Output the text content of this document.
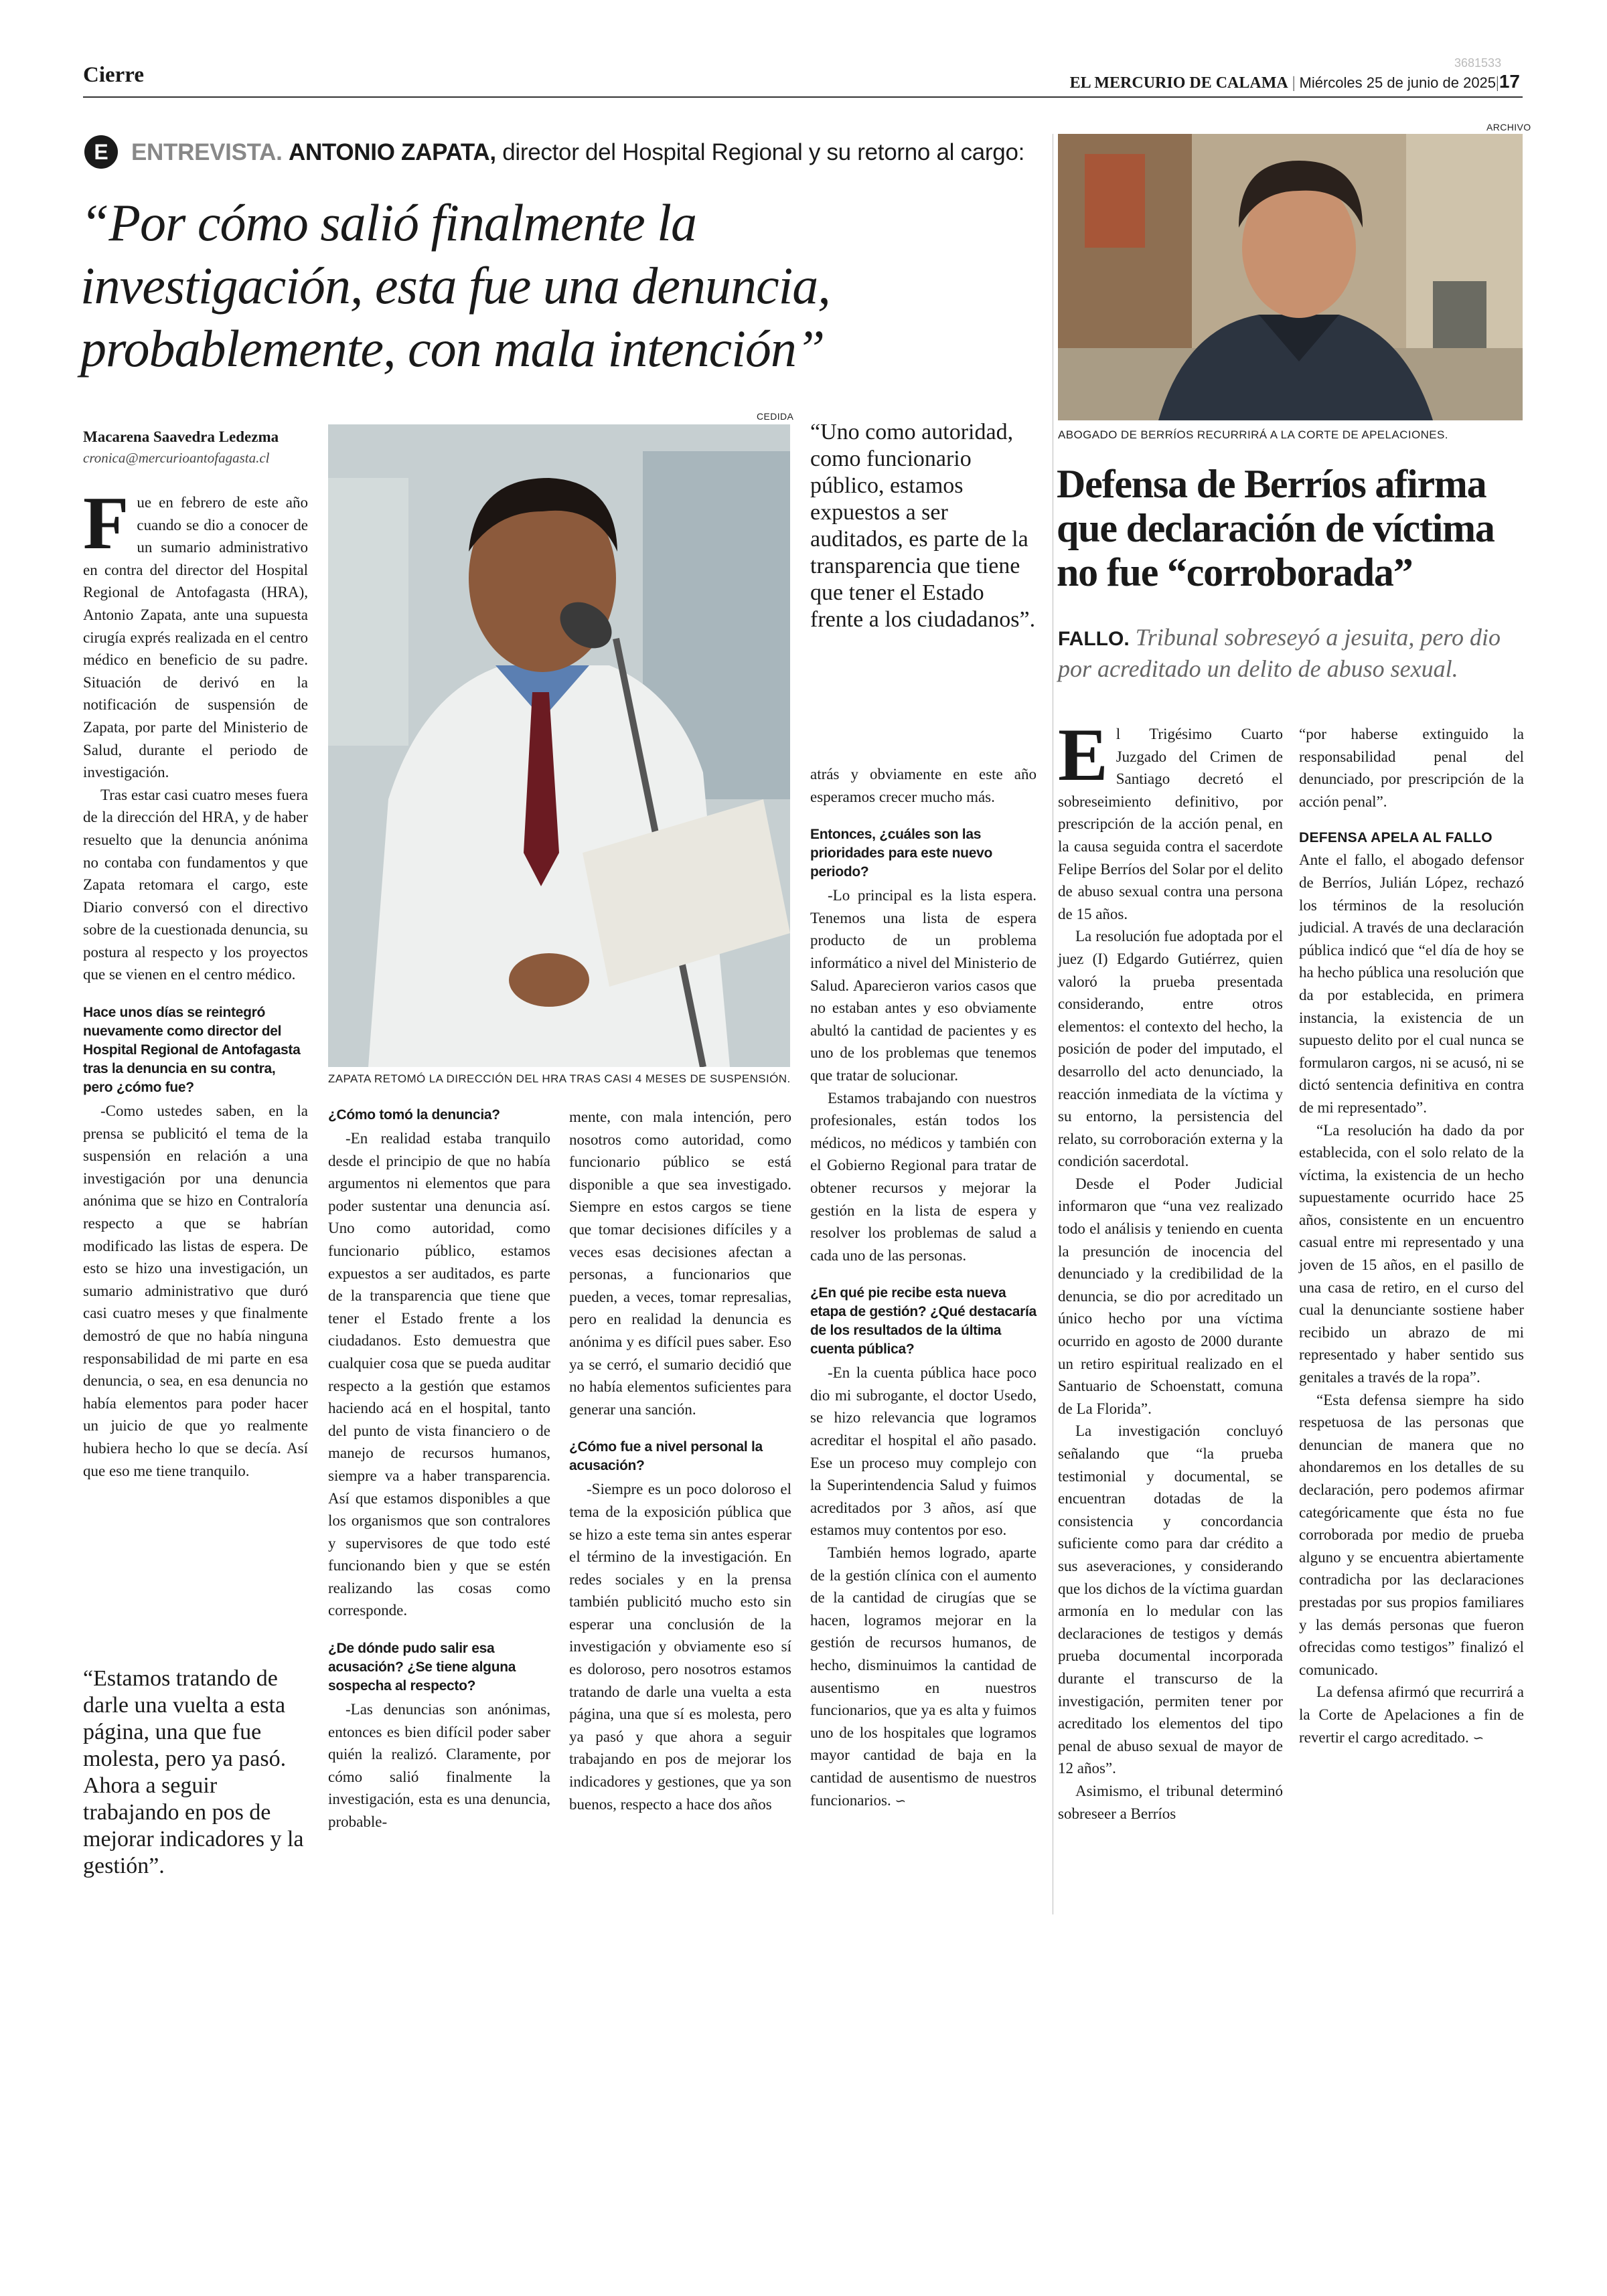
Cierre	3681533
EL MERCURIO DE CALAMA | Miércoles 25 de junio de 2025|17
E ENTREVISTA. ANTONIO ZAPATA, director del Hospital Regional y su retorno al cargo:
“Por cómo salió finalmente la
investigación, esta fue una denuncia,
probablemente, con mala intención”
Macarena Saavedra Ledezma
cronica@mercurioantofagasta.cl
CEDIDA
ZAPATA RETOMÓ LA DIRECCIÓN DEL HRA TRAS CASI 4 MESES DE SUSPENSIÓN.
“Uno como autoridad, como funcionario público, estamos expuestos a ser auditados, es parte de la transparencia que tiene que tener el Estado frente a los ciudadanos”.

Fue en febrero de este año cuando se dio a conocer de un sumario administrativo en contra del director del Hospital Regional de Antofagasta (HRA), Antonio Zapata, ante una supuesta cirugía exprés realizada en el centro médico en beneficio de su padre. Situación de derivó en la notificación de suspensión de Zapata, por parte del Ministerio de Salud, durante el periodo de investigación.

Tras estar casi cuatro meses fuera de la dirección del HRA, y de haber resuelto que la denuncia anónima no contaba con fundamentos y que Zapata retomara el cargo, este Diario conversó con el directivo sobre de la cuestionada denuncia, su postura al respecto y los proyectos que se vienen en el centro médico.

Hace unos días se reintegró nuevamente como director del Hospital Regional de Antofagasta tras la denuncia en su contra, pero ¿cómo fue?

-Como ustedes saben, en la prensa se publicitó el tema de la suspensión en relación a una investigación por una denuncia anónima que se hizo en Contraloría respecto a que se habrían modificado las listas de espera. De esto se hizo una investigación, un sumario administrativo que duró casi cuatro meses y que finalmente demostró de que no había ninguna responsabilidad de mi parte en esa denuncia, o sea, en esa denuncia no había elementos para poder hacer un juicio de que yo realmente hubiera hecho lo que se decía. Así que eso me tiene tranquilo.

“Estamos tratando de darle una vuelta a esta página, una que fue molesta, pero ya pasó. Ahora a seguir trabajando en pos de mejorar indicadores y la gestión”.

¿Cómo tomó la denuncia?

-En realidad estaba tranquilo desde el principio de que no había argumentos ni elementos que para poder sustentar una denuncia así. Uno como autoridad, como funcionario público, estamos expuestos a ser auditados, es parte de la transparencia que tiene que tener el Estado frente a los ciudadanos. Esto demuestra que cualquier cosa que se pueda auditar respecto a la gestión que estamos haciendo acá en el hospital, tanto del punto de vista financiero o de manejo de recursos humanos, siempre va a haber transparencia. Así que estamos disponibles a que los organismos que son contralores y supervisores de que todo esté funcionando bien y que se estén realizando las cosas como corresponde.

¿De dónde pudo salir esa acusación? ¿Se tiene alguna sospecha al respecto?

-Las denuncias son anónimas, entonces es bien difícil poder saber quién la realizó. Claramente, por cómo salió finalmente la investigación, esta es una denuncia, probable-

mente, con mala intención, pero nosotros como autoridad, como funcionario público se está disponible a que sea investigado. Siempre en estos cargos se tiene que tomar decisiones difíciles y a veces esas decisiones afectan a personas, a funcionarios que pueden, a veces, tomar represalias, pero en realidad la denuncia es anónima y es difícil pues saber. Eso ya se cerró, el sumario decidió que no había elementos suficientes para generar una sanción.

¿Cómo fue a nivel personal la acusación?

-Siempre es un poco doloroso el tema de la exposición pública que se hizo a este tema sin antes esperar el término de la investigación. En redes sociales y en la prensa también publicitó mucho esto sin esperar una conclusión de la investigación y obviamente eso sí es doloroso, pero nosotros estamos tratando de darle una vuelta a esta página, una que sí es molesta, pero ya pasó y que ahora a seguir trabajando en pos de mejorar los indicadores y gestiones, que ya son buenos, respecto a hace dos años

atrás y obviamente en este año esperamos crecer mucho más.

Entonces, ¿cuáles son las prioridades para este nuevo periodo?

-Lo principal es la lista espera. Tenemos una lista de espera producto de un problema informático a nivel del Ministerio de Salud. Aparecieron varios casos que no estaban antes y eso obviamente abultó la cantidad de pacientes y es uno de los problemas que tenemos que tratar de solucionar.

Estamos trabajando con nuestros profesionales, están todos los médicos, no médicos y también con el Gobierno Regional para tratar de obtener recursos y mejorar la gestión en la lista de espera y resolver los problemas de salud a cada uno de las personas.

¿En qué pie recibe esta nueva etapa de gestión? ¿Qué destacaría de los resultados de la última cuenta pública?

-En la cuenta pública hace poco dio mi subrogante, el doctor Usedo, se hizo relevancia que logramos acreditar el hospital el año pasado. Ese un proceso muy complejo con la Superintendencia Salud y fuimos acreditados por 3 años, así que estamos muy contentos por eso.

También hemos logrado, aparte de la gestión clínica con el aumento de la cantidad de cirugías que se hacen, logramos mejorar en la gestión de recursos humanos, de hecho, disminuimos la cantidad de ausentismo en nuestros funcionarios, que ya es alta y fuimos uno de los hospitales que logramos mayor cantidad de baja en la cantidad de ausentismo de nuestros funcionarios. ∽

ARCHIVO
ABOGADO DE BERRÍOS RECURRIRÁ A LA CORTE DE APELACIONES.
Defensa de Berríos afirma
que declaración de víctima
no fue “corroborada”
FALLO. Tribunal sobreseyó a jesuita, pero dio por acreditado un delito de abuso sexual.

El Trigésimo Cuarto Juzgado del Crimen de Santiago decretó el sobreseimiento definitivo, por prescripción de la acción penal, en la causa seguida contra el sacerdote Felipe Berríos del Solar por el delito de abuso sexual contra una persona de 15 años.

La resolución fue adoptada por el juez (I) Edgardo Gutiérrez, quien valoró la prueba presentada considerando, entre otros elementos: el contexto del hecho, la posición de poder del imputado, el desarrollo del acto denunciado, la reacción inmediata de la víctima y su entorno, la persistencia del relato, su corroboración externa y la condición sacerdotal.

Desde el Poder Judicial informaron que “una vez realizado todo el análisis y teniendo en cuenta la presunción de inocencia del denunciado y la credibilidad de la denuncia, se dio por acreditado un único hecho por una víctima ocurrido en agosto de 2000 durante un retiro espiritual realizado en el Santuario de Schoenstatt, comuna de La Florida”.

La investigación concluyó señalando que “la prueba testimonial y documental, se encuentran dotadas de la consistencia y concordancia suficiente como para dar crédito a sus aseveraciones, y considerando que los dichos de la víctima guardan armonía en lo medular con las declaraciones de testigos y demás prueba documental incorporada durante el transcurso de la investigación, permiten tener por acreditado los elementos del tipo penal de abuso sexual de mayor de 12 años”.

Asimismo, el tribunal determinó sobreseer a Berríos

“por haberse extinguido la responsabilidad penal del denunciado, por prescripción de la acción penal”.

DEFENSA APELA AL FALLO

Ante el fallo, el abogado defensor de Berríos, Julián López, rechazó los términos de la resolución judicial. A través de una declaración pública indicó que “el día de hoy se ha hecho pública una resolución que da por establecida, en primera instancia, la existencia de un supuesto delito por el cual nunca se formularon cargos, ni se acusó, ni se dictó sentencia definitiva en contra de mi representado”.

“La resolución ha dado da por establecida, con el solo relato de la víctima, la existencia de un hecho supuestamente ocurrido hace 25 años, consistente en un encuentro casual entre mi representado y una joven de 15 años, en el pasillo de una casa de retiro, en el curso del cual la denunciante sostiene haber recibido un abrazo de mi representado y haber sentido sus genitales a través de la ropa”.

“Esta defensa siempre ha sido respetuosa de las personas que denuncian de manera que no ahondaremos en los detalles de su declaración, pero podemos afirmar categóricamente que ésta no fue corroborada por medio de prueba alguno y se encuentra abiertamente contradicha por las declaraciones prestadas por sus propios familiares y las demás personas que fueron ofrecidas como testigos” finalizó el comunicado.

La defensa afirmó que recurrirá a la Corte de Apelaciones a fin de revertir el cargo acreditado. ∽
